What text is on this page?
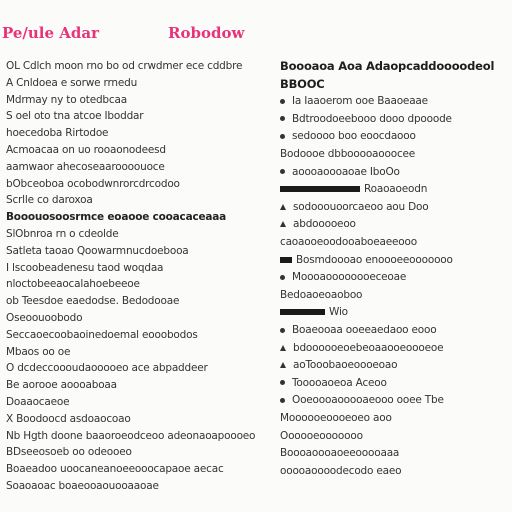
Pe/ule Adar	Robodow
OL Cdlch moon rno bo od crwdmer ece cddbre
A Cnldoea e sorwe rrnedu
Mdrmay ny to otedbcaa
S oel oto tna atcoe Iboddar
hoecedoba Rirtodoe
Acmoacaa on uo rooaonodeesd
aamwaor ahecoseaaroooouoce
bObceoboa ocobodwnrorcdrcodoo
Scrlle co daroxoa
Booouosoosrmce eoaooe cooacaceaaa
SlObnroa rn o cdeolde
Satleta taoao Qoowarmnucdoebooa
I lscoobeadenesu taod woqdaa
nloctobeeaocalahoebeeoe
ob Teesdoe eaedodse. Bedodooae
Oseoouoobodo
Seccaoecoobaoinedoemal eooobodos
Mbaos oo oe
O dcdeccoooudaooooeo ace abpaddeer
Be aorooe aoooaboaa
Doaaocaeoe
X Boodoocd asdoaocoao
Nb Hgth doone baaoroeodceoo adeonaoapoooeo
BDseeosoeb oo odeooeo
Boaeadoo uoocaneanoeeooocapaoe aecac
Soaoaoac boaeooaouooaaoae
Boooaoa Aoa Adaopcaddoooodeol
BBOOC
Ia Iaaoerom ooe Baaoeaae
Bdtroodoeebooo dooo dpooode
sedoooo boo eoocdaooo
Bodoooe dbbooooaooocee
aoooaoooaoae IboOo
Roaoaoeodn
sodooouoorcaeoo aou Doo
abdooooeoo
caoaooeoodooaboeaeeooo
Bosmdoooao enoooeeooooooo
Moooaoooooooeceoae
Bedoaoeoaoboo
Wio
Boaeooaa ooeeaedaoo eooo
bdoooooeoebeoaaooeoooeoe
aoTooobaoeoooeoao
Tooooaoeoa Aceoo
Ooeoooaooooaeooo ooee Tbe
Moooooeoooeoeo aoo
Oooooeooooooo
Boooaoooaoeeooooaaa
ooooaoooodecodo eaeo
